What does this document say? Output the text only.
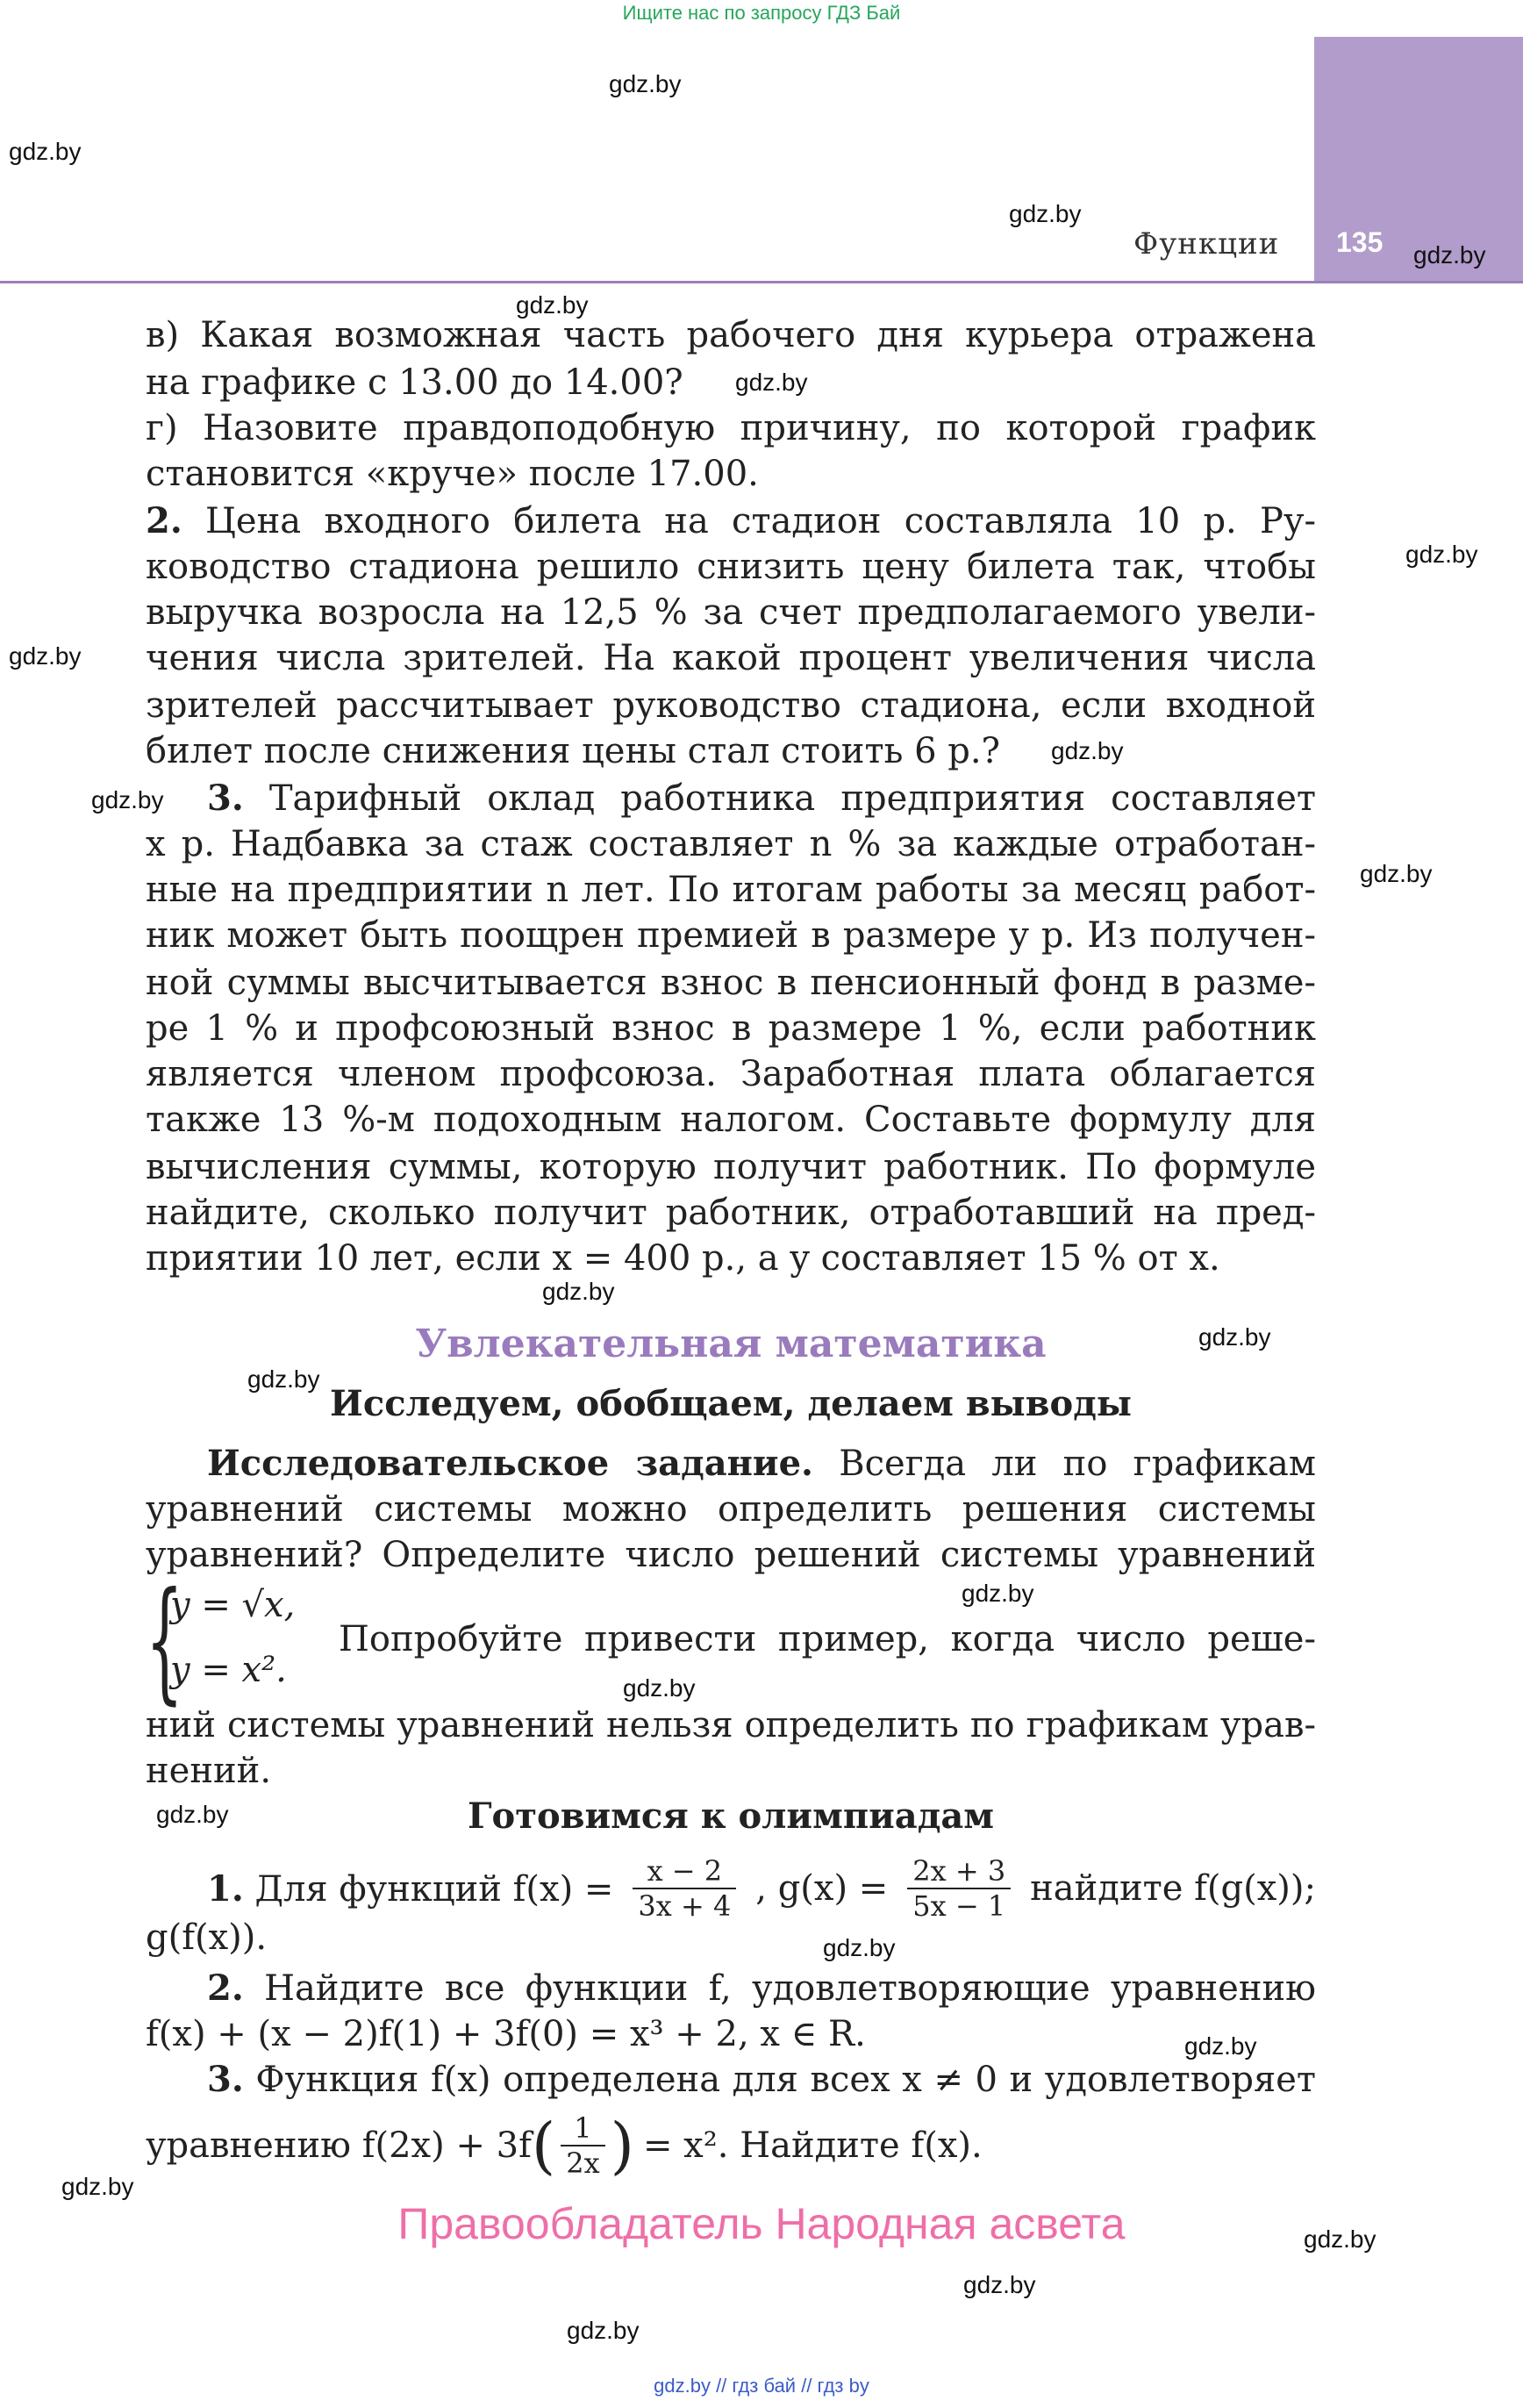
Ищите нас по запросу ГДЗ Бай
135
Функции
gdz.by
gdz.by
gdz.by
gdz.by
gdz.by
gdz.by
gdz.by
gdz.by
gdz.by
gdz.by
gdz.by
gdz.by
gdz.by
gdz.by
gdz.by
gdz.by
gdz.by
gdz.by
gdz.by
gdz.by
gdz.by
gdz.by
gdz.by
в) Какая возможная часть рабочего дня курьера отражена
на графике с 13.00 до 14.00?
г) Назовите правдоподобную причину, по которой график
становится «круче» после 17.00.
2. Цена входного билета на стадион составляла 10 р. Ру-
ководство стадиона решило снизить цену билета так, чтобы
выручка возросла на 12,5 % за счет предполагаемого увели-
чения числа зрителей. На какой процент увеличения числа
зрителей рассчитывает руководство стадиона, если входной
билет после снижения цены стал стоить 6 р.?
3. Тарифный оклад работника предприятия составляет
x р. Надбавка за стаж составляет n % за каждые отработан-
ные на предприятии n лет. По итогам работы за месяц работ-
ник может быть поощрен премией в размере y р. Из получен-
ной суммы высчитывается взнос в пенсионный фонд в разме-
ре 1 % и профсоюзный взнос в размере 1 %, если работник
является членом профсоюза. Заработная плата облагается
также 13 %-м подоходным налогом. Составьте формулу для
вычисления суммы, которую получит работник. По формуле
найдите, сколько получит работник, отработавший на пред-
приятии 10 лет, если x = 400 р., а y составляет 15 % от x.
Увлекательная математика
Исследуем, обобщаем, делаем выводы
Исследовательское задание. Всегда ли по графикам
уравнений системы можно определить решения системы
уравнений? Определите число решений системы уравнений
{
y = √x,
y = x².
Попробуйте привести пример, когда число реше-
ний системы уравнений нельзя определить по графикам урав-
нений.
Готовимся к олимпиадам
1. Для функций $f(x) = \frac{x - 2}{3x + 4}$ , $g(x) = \frac{2x + 3}{5x - 1}$ найдите f(g(x));
g(f(x)).
2. Найдите все функции f, удовлетворяющие уравнению
f(x) + (x − 2)f(1) + 3f(0) = x³ + 2, x ∈ R.
3. Функция f(x) определена для всех x ≠ 0 и удовлетворяет
уравнению f(2x) + 3f ( $\frac{1}{2x}$ ) = x². Найдите f(x).
Правообладатель Народная асвета
gdz.by // гдз бай // гдз by
